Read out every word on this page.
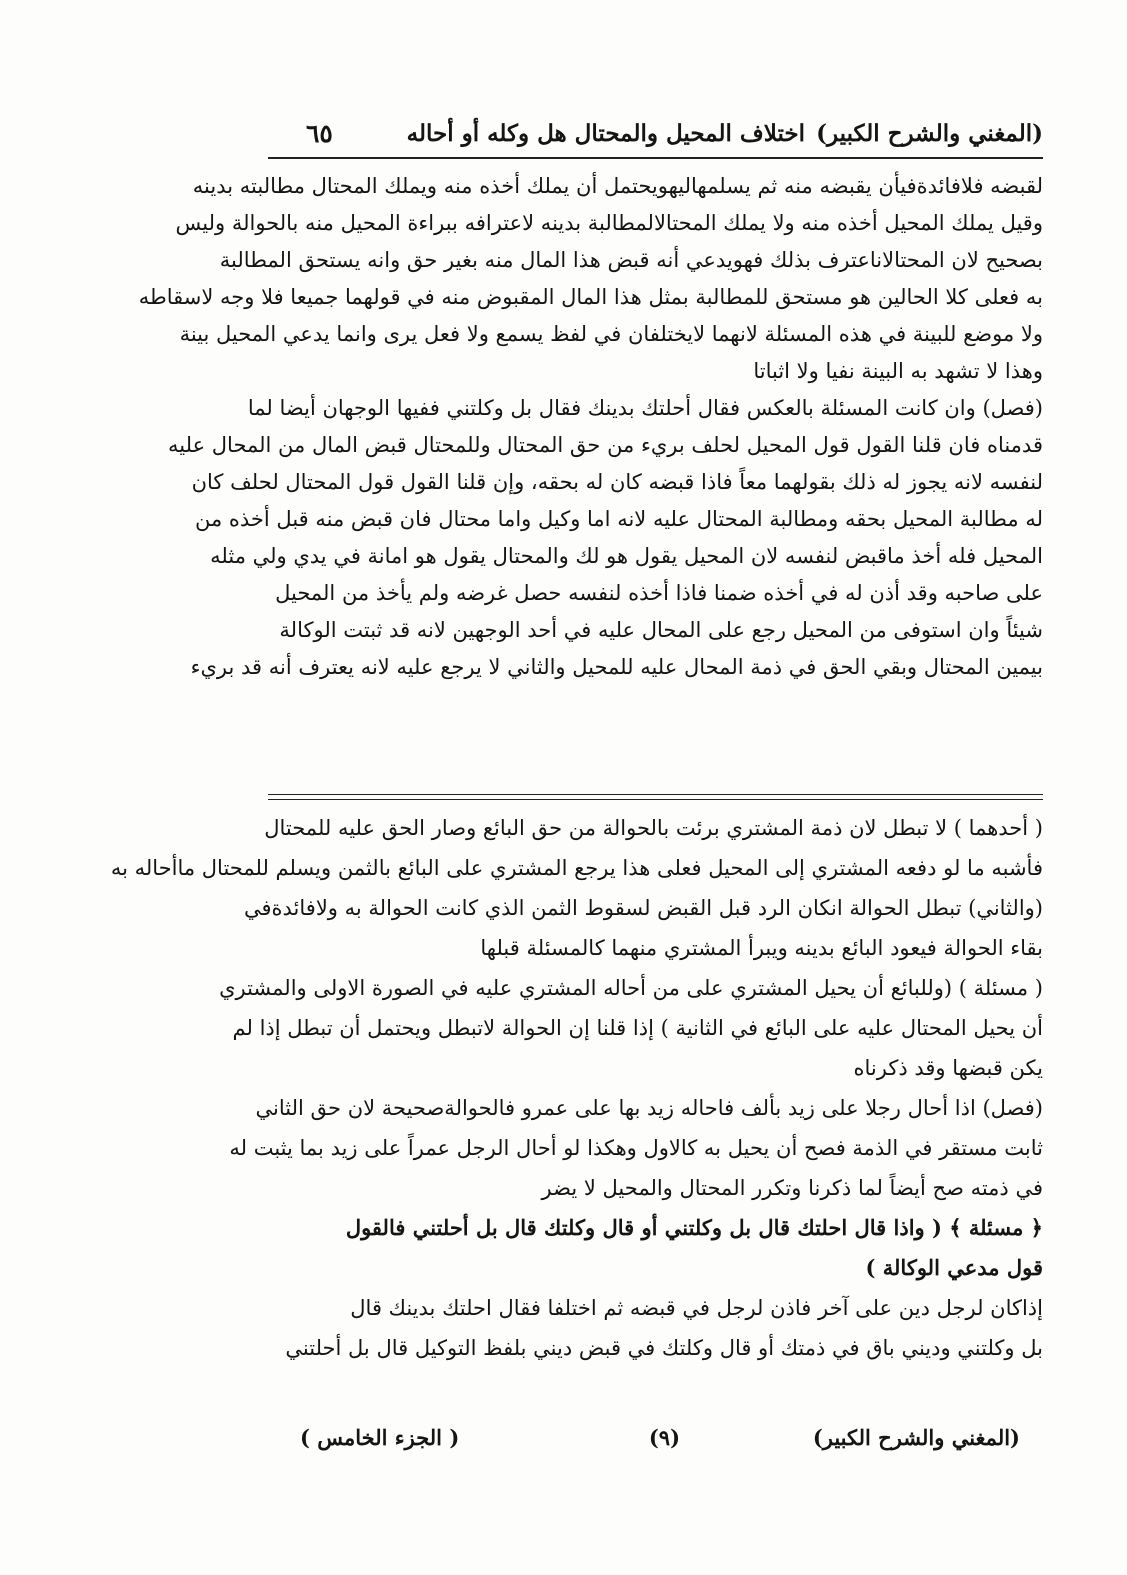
(المغني والشرح الكبير)
اختلاف المحيل والمحتال هل وكله أو أحاله
٦٥
لقبضه فلافائدةفيأن يقبضه منه ثم يسلمهاليهويحتمل أن يملك أخذه منه ويملك المحتال مطالبته بدينه
وقيل يملك المحيل أخذه منه ولا يملك المحتالالمطالبة بدينه لاعترافه ببراءة المحيل منه بالحوالة وليس
بصحيح لان المحتالاناعترف بذلك فهويدعي أنه قبض هذا المال منه بغير حق وانه يستحق المطالبة
به فعلى كلا الحالين هو مستحق للمطالبة بمثل هذا المال المقبوض منه في قولهما جميعا فلا وجه لاسقاطه
ولا موضع للبينة في هذه المسئلة لانهما لايختلفان في لفظ يسمع ولا فعل يرى وانما يدعي المحيل بينة
وهذا لا تشهد به البينة نفيا ولا اثباتا
(فصل) وان كانت المسئلة بالعكس فقال أحلتك بدينك فقال بل وكلتني ففيها الوجهان أيضا لما
قدمناه فان قلنا القول قول المحيل لحلف بريء من حق المحتال وللمحتال قبض المال من المحال عليه
لنفسه لانه يجوز له ذلك بقولهما معاً فاذا قبضه كان له بحقه، وإن قلنا القول قول المحتال لحلف كان
له مطالبة المحيل بحقه ومطالبة المحتال عليه لانه اما وكيل واما محتال فان قبض منه قبل أخذه من
المحيل فله أخذ ماقبض لنفسه لان المحيل يقول هو لك والمحتال يقول هو امانة في يدي ولي مثله
على صاحبه وقد أذن له في أخذه ضمنا فاذا أخذه لنفسه حصل غرضه ولم يأخذ من المحيل
شيئاً وان استوفى من المحيل رجع على المحال عليه في أحد الوجهين لانه قد ثبتت الوكالة
بيمين المحتال وبقي الحق في ذمة المحال عليه للمحيل والثاني لا يرجع عليه لانه يعترف أنه قد بريء
( أحدهما ) لا تبطل لان ذمة المشتري برئت بالحوالة من حق البائع وصار الحق عليه للمحتال
فأشبه ما لو دفعه المشتري إلى المحيل فعلى هذا يرجع المشتري على البائع بالثمن ويسلم للمحتال ماأحاله به
(والثاني) تبطل الحوالة انكان الرد قبل القبض لسقوط الثمن الذي كانت الحوالة به ولافائدةفي
بقاء الحوالة فيعود البائع بدينه ويبرأ المشتري منهما كالمسئلة قبلها
( مسئلة ) (وللبائع أن يحيل المشتري على من أحاله المشتري عليه في الصورة الاولى والمشتري
أن يحيل المحتال عليه على البائع في الثانية ) إذا قلنا إن الحوالة لاتبطل ويحتمل أن تبطل إذا لم
يكن قبضها وقد ذكرناه
(فصل) اذا أحال رجلا على زيد بألف فاحاله زيد بها على عمرو فالحوالةصحيحة لان حق الثاني
ثابت مستقر في الذمة فصح أن يحيل به كالاول وهكذا لو أحال الرجل عمراً على زيد بما يثبت له
في ذمته صح أيضاً لما ذكرنا وتكرر المحتال والمحيل لا يضر
﴿ مسئلة ﴾ ( واذا قال احلتك قال بل وكلتني أو قال وكلتك قال بل أحلتني فالقول
قول مدعي الوكالة )
إذاكان لرجل دين على آخر فاذن لرجل في قبضه ثم اختلفا فقال احلتك بدينك قال
بل وكلتني وديني باق في ذمتك أو قال وكلتك في قبض ديني بلفظ التوكيل قال بل أحلتني
(المغني والشرح الكبير)
(٩)
( الجزء الخامس )
